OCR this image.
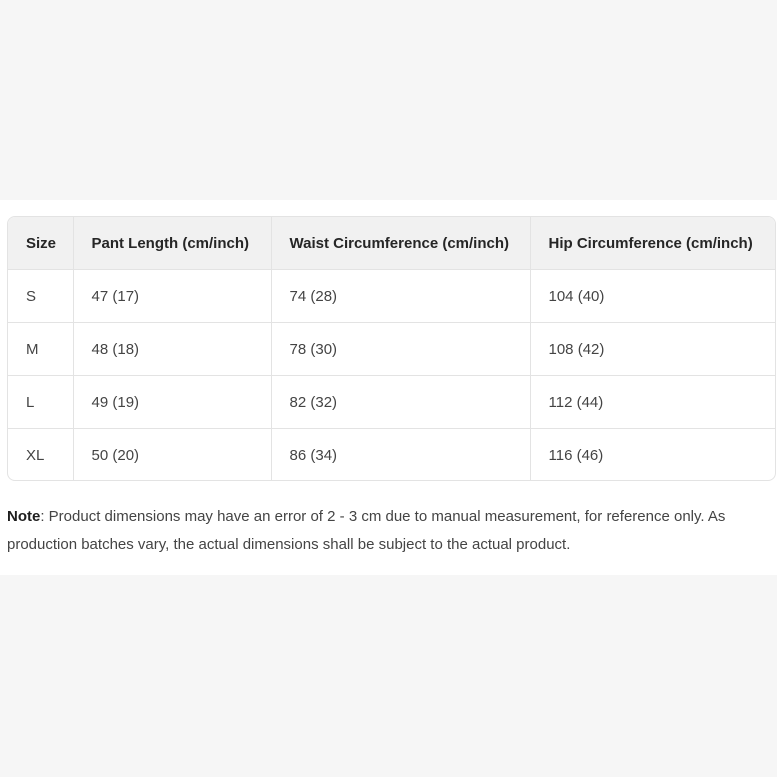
Size	Pant Length (cm/inch)	Waist Circumference (cm/inch)	Hip Circumference (cm/inch)
S	47 (17)	74 (28)	104 (40)
M	48 (18)	78 (30)	108 (42)
L	49 (19)	82 (32)	112 (44)
XL	50 (20)	86 (34)	116 (46)
Note: Product dimensions may have an error of 2 - 3 cm due to manual measurement, for reference only. As production batches vary, the actual dimensions shall be subject to the actual product.
